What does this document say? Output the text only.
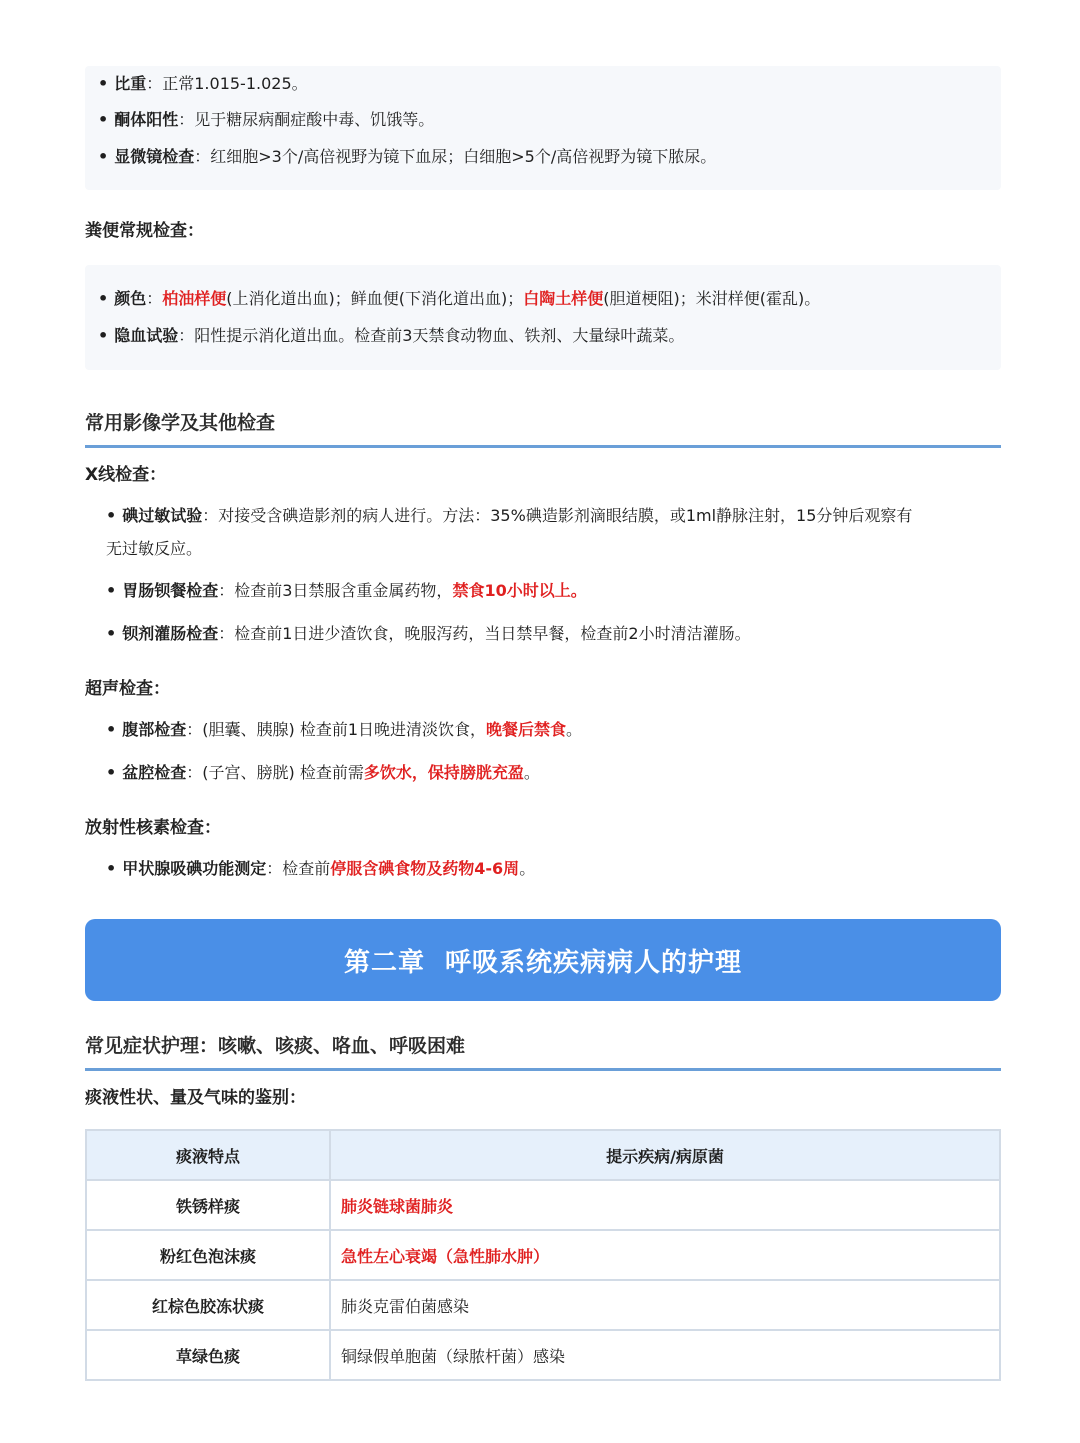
• 比重：正常1.015-1.025。
• 酮体阳性：见于糖尿病酮症酸中毒、饥饿等。
• 显微镜检查：红细胞>3个/高倍视野为镜下血尿；白细胞>5个/高倍视野为镜下脓尿。
粪便常规检查：
• 颜色：柏油样便(上消化道出血)；鲜血便(下消化道出血)；白陶土样便(胆道梗阻)；米泔样便(霍乱)。
• 隐血试验：阳性提示消化道出血。检查前3天禁食动物血、铁剂、大量绿叶蔬菜。
常用影像学及其他检查
X线检查：
• 碘过敏试验：对接受含碘造影剂的病人进行。方法：35%碘造影剂滴眼结膜，或1ml静脉注射，15分钟后观察有
无过敏反应。
• 胃肠钡餐检查：检查前3日禁服含重金属药物，禁食10小时以上。
• 钡剂灌肠检查：检查前1日进少渣饮食，晚服泻药，当日禁早餐，检查前2小时清洁灌肠。
超声检查：
• 腹部检查：(胆囊、胰腺) 检查前1日晚进清淡饮食，晚餐后禁食。
• 盆腔检查：(子宫、膀胱) 检查前需多饮水，保持膀胱充盈。
放射性核素检查：
• 甲状腺吸碘功能测定：检查前停服含碘食物及药物4-6周。
第二章  呼吸系统疾病病人的护理
常见症状护理：咳嗽、咳痰、咯血、呼吸困难
痰液性状、量及气味的鉴别：
痰液特点	提示疾病/病原菌
铁锈样痰	肺炎链球菌肺炎
粉红色泡沫痰	急性左心衰竭（急性肺水肿）
红棕色胶冻状痰	肺炎克雷伯菌感染
草绿色痰	铜绿假单胞菌（绿脓杆菌）感染
